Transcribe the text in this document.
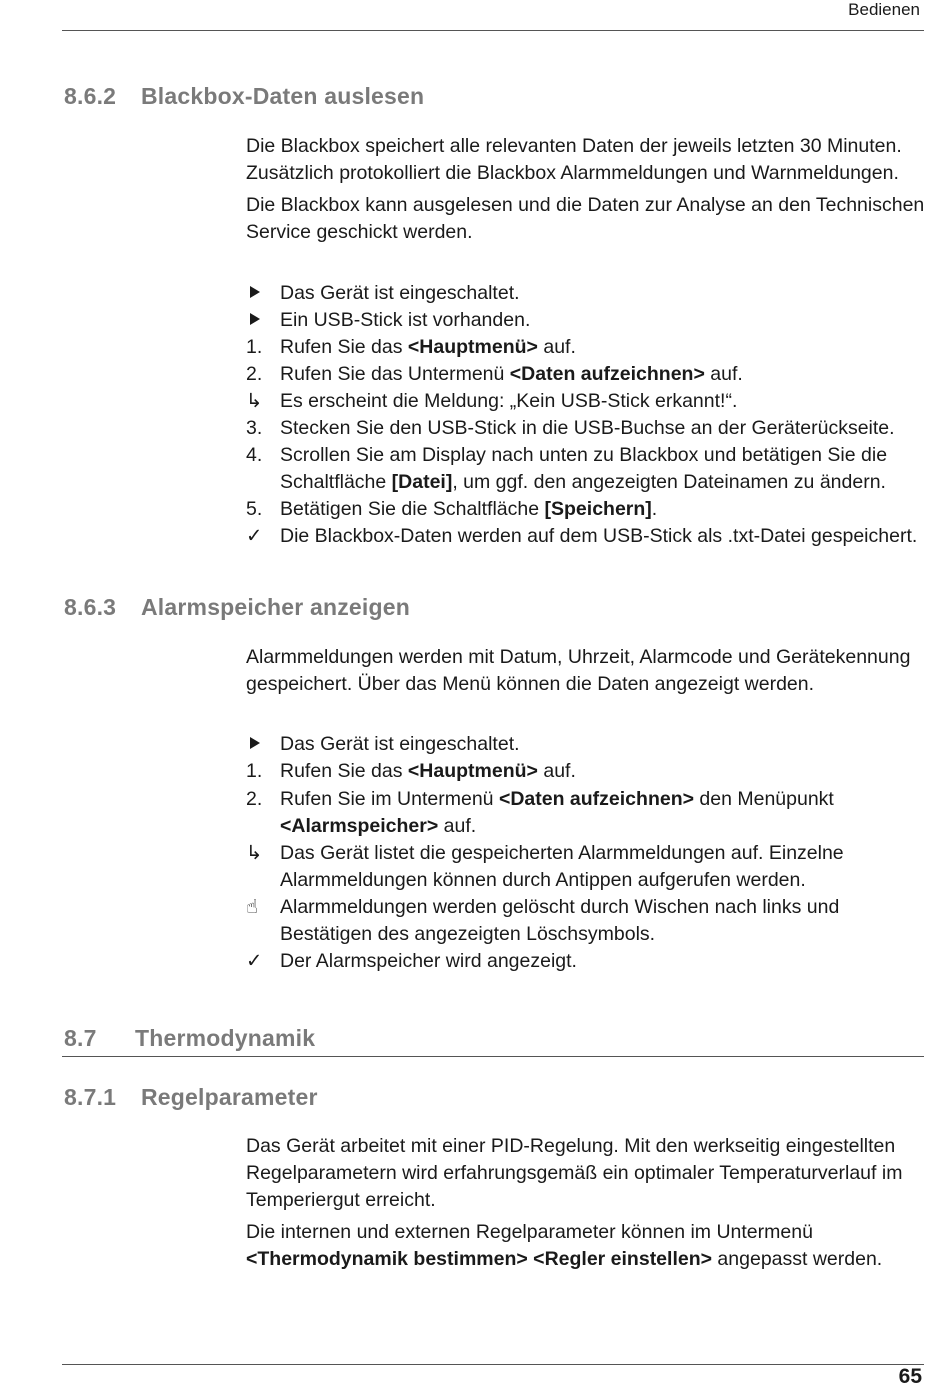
Bedienen
8.6.2 Blackbox-Daten auslesen
Die Blackbox speichert alle relevanten Daten der jeweils letzten 30 Minuten. Zusätzlich protokolliert die Blackbox Alarmmeldungen und Warnmeldungen.
Die Blackbox kann ausgelesen und die Daten zur Analyse an den Technischen Service geschickt werden.
Das Gerät ist eingeschaltet.
Ein USB-Stick ist vorhanden.
1. Rufen Sie das <Hauptmenü> auf.
2. Rufen Sie das Untermenü <Daten aufzeichnen> auf.
↳ Es erscheint die Meldung: „Kein USB-Stick erkannt!“.
3. Stecken Sie den USB-Stick in die USB-Buchse an der Geräterückseite.
4. Scrollen Sie am Display nach unten zu Blackbox und betätigen Sie die Schaltfläche [Datei], um ggf. den angezeigten Dateinamen zu ändern.
5. Betätigen Sie die Schaltfläche [Speichern].
✓ Die Blackbox-Daten werden auf dem USB-Stick als .txt-Datei gespeichert.
8.6.3 Alarmspeicher anzeigen
Alarmmeldungen werden mit Datum, Uhrzeit, Alarmcode und Gerätekennung gespeichert. Über das Menü können die Daten angezeigt werden.
Das Gerät ist eingeschaltet.
1. Rufen Sie das <Hauptmenü> auf.
2. Rufen Sie im Untermenü <Daten aufzeichnen> den Menüpunkt
<Alarmspeicher> auf.
↳ Das Gerät listet die gespeicherten Alarmmeldungen auf. Einzelne Alarmmeldungen können durch Antippen aufgerufen werden.
☝	Alarmmeldungen werden gelöscht durch Wischen nach links und Bestätigen des angezeigten Löschsymbols.
✓ Der Alarmspeicher wird angezeigt.
8.7 Thermodynamik
8.7.1 Regelparameter
Das Gerät arbeitet mit einer PID-Regelung. Mit den werkseitig eingestellten Regelparametern wird erfahrungsgemäß ein optimaler Temperaturverlauf im Temperiergut erreicht.
Die internen und externen Regelparameter können im Untermenü <Thermodynamik bestimmen> <Regler einstellen> angepasst werden.
65
